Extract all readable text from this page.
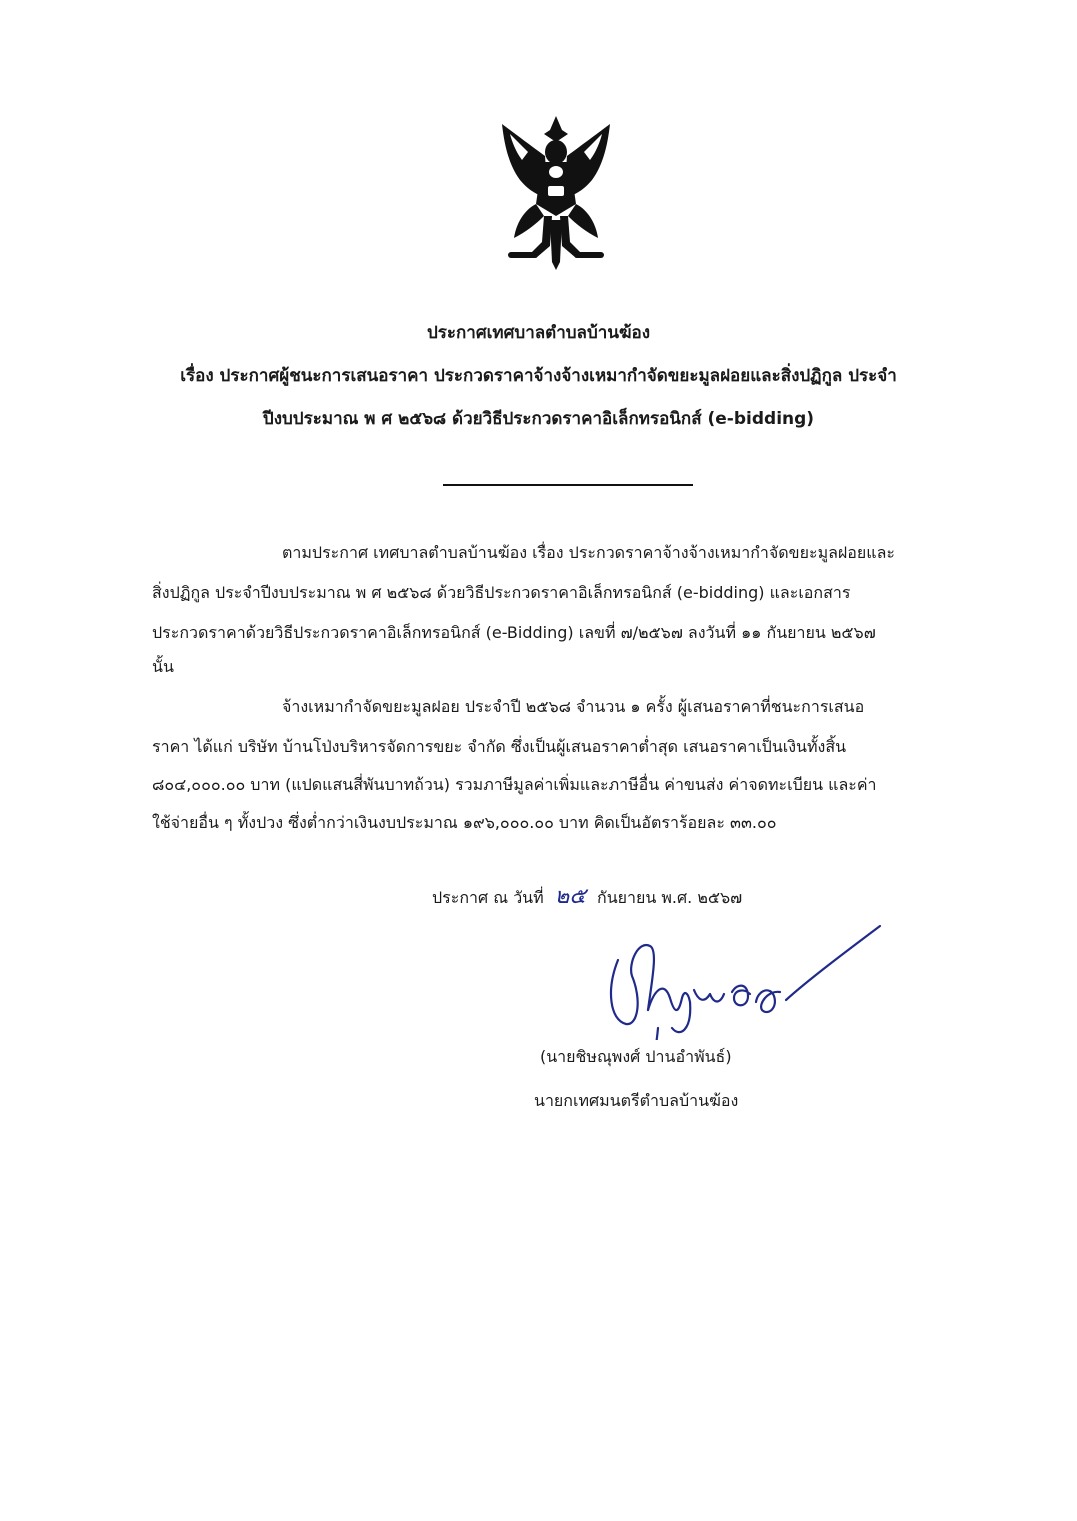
ประกาศเทศบาลตำบลบ้านฆ้อง
เรื่อง ประกาศผู้ชนะการเสนอราคา ประกวดราคาจ้างจ้างเหมากำจัดขยะมูลฝอยและสิ่งปฏิกูล ประจำ
ปีงบประมาณ พ ศ ๒๕๖๘ ด้วยวิธีประกวดราคาอิเล็กทรอนิกส์ (e-bidding)
ตามประกาศ เทศบาลตำบลบ้านฆ้อง เรื่อง ประกวดราคาจ้างจ้างเหมากำจัดขยะมูลฝอยและ
สิ่งปฏิกูล ประจำปีงบประมาณ พ ศ ๒๕๖๘ ด้วยวิธีประกวดราคาอิเล็กทรอนิกส์ (e-bidding) และเอกสาร
ประกวดราคาด้วยวิธีประกวดราคาอิเล็กทรอนิกส์ (e-Bidding) เลขที่ ๗/๒๕๖๗ ลงวันที่ ๑๑ กันยายน ๒๕๖๗
นั้น
จ้างเหมากำจัดขยะมูลฝอย ประจำปี ๒๕๖๘ จำนวน ๑ ครั้ง ผู้เสนอราคาที่ชนะการเสนอ
ราคา ได้แก่ บริษัท บ้านโป่งบริหารจัดการขยะ จำกัด ซึ่งเป็นผู้เสนอราคาต่ำสุด เสนอราคาเป็นเงินทั้งสิ้น
๘๐๔,๐๐๐.๐๐ บาท (แปดแสนสี่พันบาทถ้วน) รวมภาษีมูลค่าเพิ่มและภาษีอื่น ค่าขนส่ง ค่าจดทะเบียน และค่า
ใช้จ่ายอื่น ๆ ทั้งปวง ซึ่งต่ำกว่าเงินงบประมาณ ๑๙๖,๐๐๐.๐๐ บาท คิดเป็นอัตราร้อยละ ๓๓.๐๐
ประกาศ ณ วันที่ ๒๕ กันยายน พ.ศ. ๒๕๖๗
(นายชิษณุพงศ์ ปานอำพันธ์)
นายกเทศมนตรีตำบลบ้านฆ้อง
